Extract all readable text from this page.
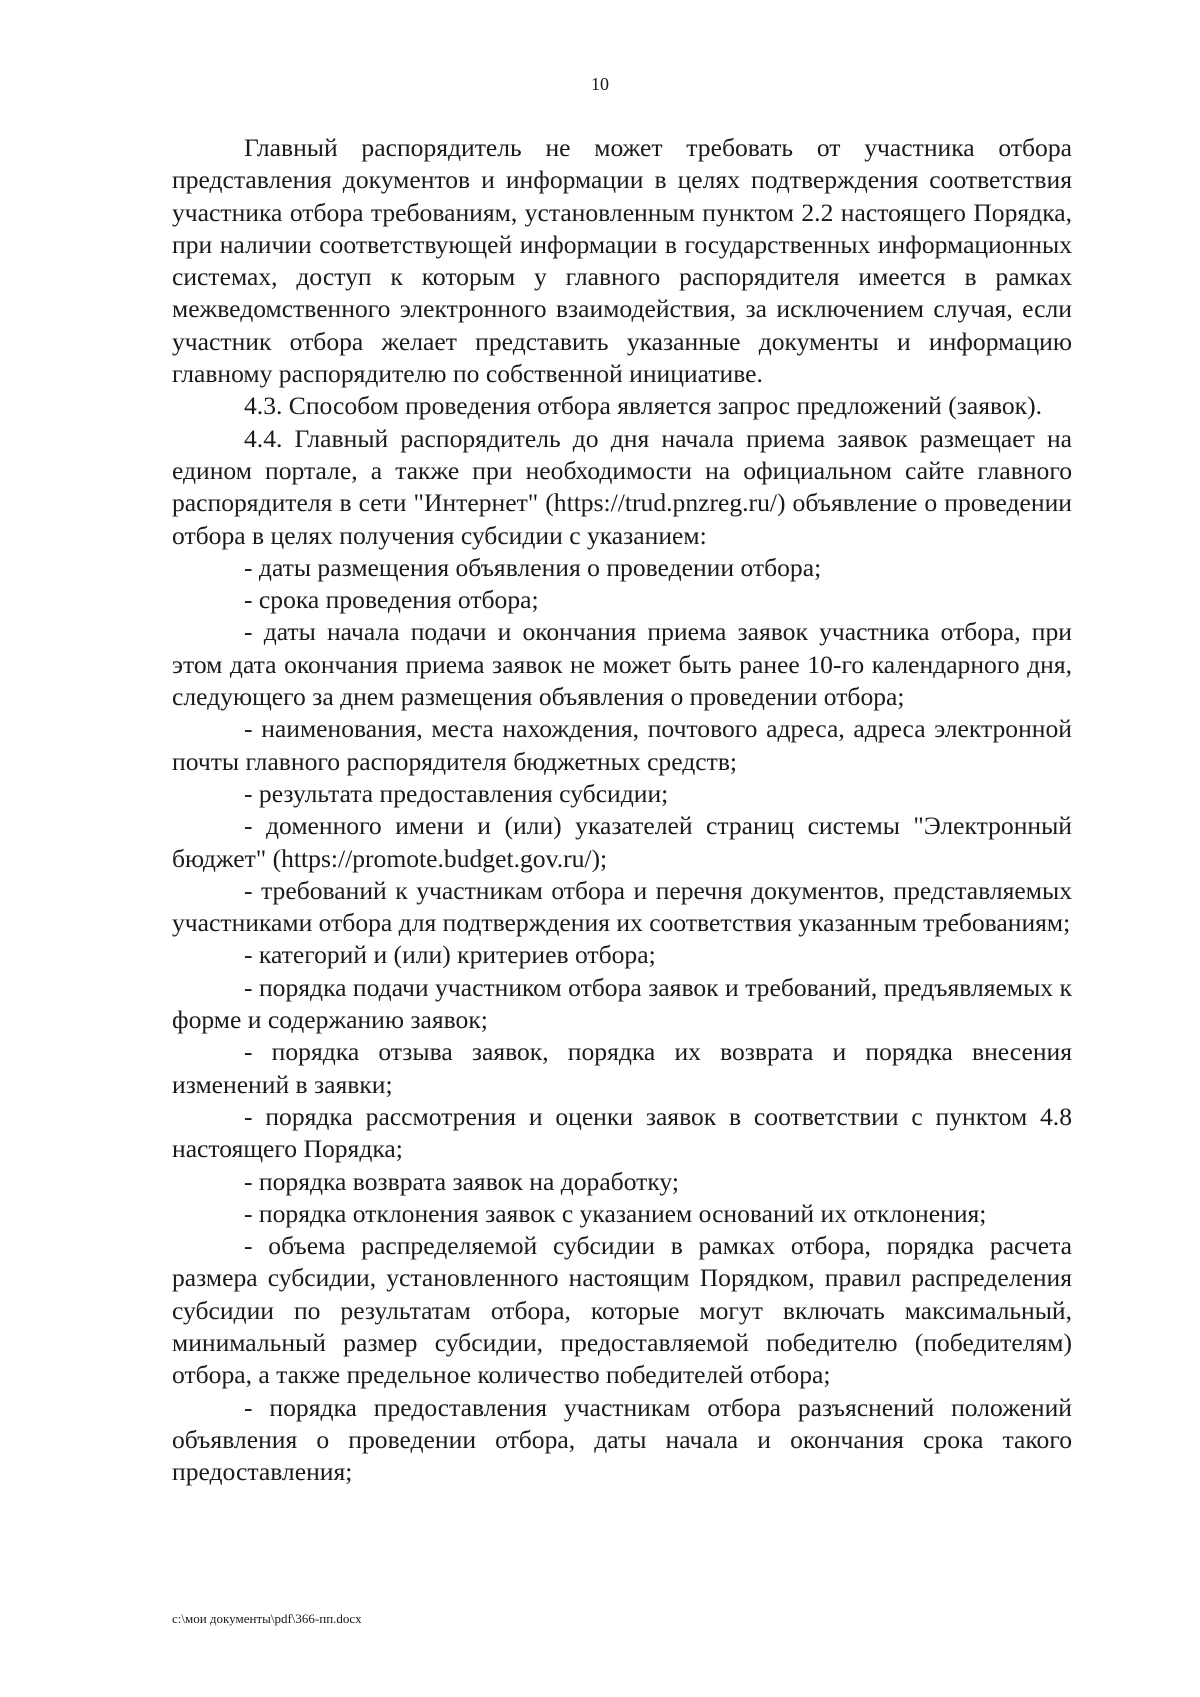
10

Главный распорядитель не может требовать от участника отбора представления документов и информации в целях подтверждения соответствия участника отбора требованиям, установленным пунктом 2.2 настоящего Порядка, при наличии соответствующей информации в государственных информационных системах, доступ к которым у главного распорядителя имеется в рамках межведомственного электронного взаимодействия, за исключением случая, если участник отбора желает представить указанные документы и информацию главному распорядителю по собственной инициативе.

4.3. Способом проведения отбора является запрос предложений (заявок).

4.4. Главный распорядитель до дня начала приема заявок размещает на едином портале, а также при необходимости на официальном сайте главного распорядителя в сети "Интернет" (https://trud.pnzreg.ru/) объявление о проведении отбора в целях получения субсидии с указанием:

- даты размещения объявления о проведении отбора;

- срока проведения отбора;

- даты начала подачи и окончания приема заявок участника отбора, при этом дата окончания приема заявок не может быть ранее 10-го календарного дня, следующего за днем размещения объявления о проведении отбора;

- наименования, места нахождения, почтового адреса, адреса электронной почты главного распорядителя бюджетных средств;

- результата предоставления субсидии;

- доменного имени и (или) указателей страниц системы "Электронный бюджет" (https://promote.budget.gov.ru/);

- требований к участникам отбора и перечня документов, представляемых участниками отбора для подтверждения их соответствия указанным требованиям;

- категорий и (или) критериев отбора;

- порядка подачи участником отбора заявок и требований, предъявляемых к форме и содержанию заявок;

- порядка отзыва заявок, порядка их возврата и порядка внесения изменений в заявки;

- порядка рассмотрения и оценки заявок в соответствии с пунктом 4.8 настоящего Порядка;

- порядка возврата заявок на доработку;

- порядка отклонения заявок с указанием оснований их отклонения;

- объема распределяемой субсидии в рамках отбора, порядка расчета размера субсидии, установленного настоящим Порядком, правил распределения субсидии по результатам отбора, которые могут включать максимальный, минимальный размер субсидии, предоставляемой победителю (победителям) отбора, а также предельное количество победителей отбора;

- порядка предоставления участникам отбора разъяснений положений объявления о проведении отбора, даты начала и окончания срока такого предоставления;

с:\мои документы\pdf\366-пп.docx
